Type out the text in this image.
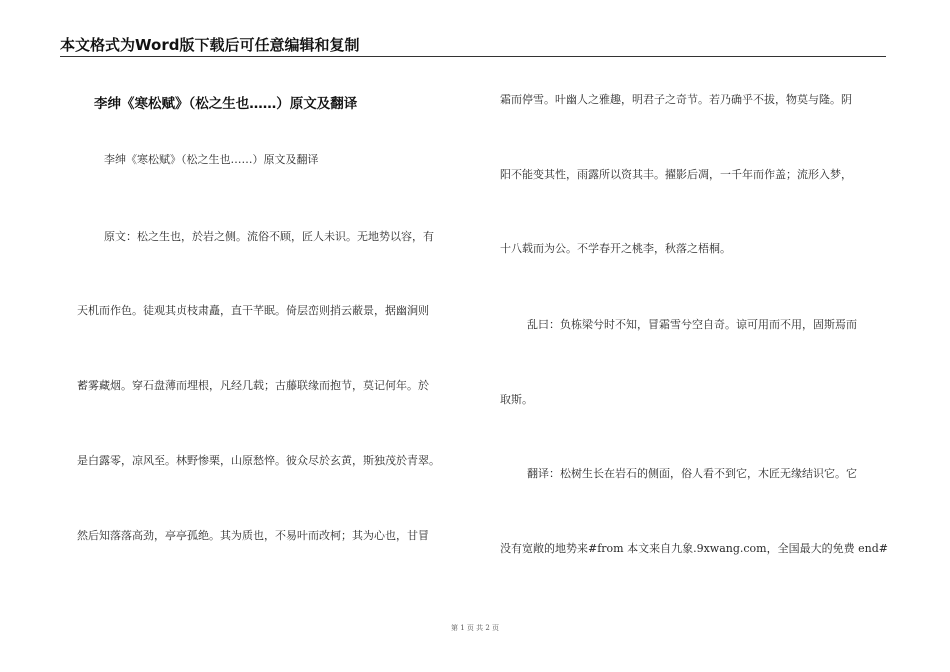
本文格式为Word版下载后可任意编辑和复制
李绅《寒松赋》（松之生也……）原文及翻译
李绅《寒松赋》（松之生也……）原文及翻译
原文：松之生也，於岩之侧。流俗不顾，匠人未识。无地势以容，有
天机而作色。徒观其贞枝肃矗，直干芊眠。倚层峦则捎云蔽景，据幽涧则
蓄雾藏烟。穿石盘薄而埋根，凡经几载；古藤联缘而抱节，莫记何年。於
是白露零，凉风至。林野惨栗，山原愁悴。彼众尽於玄黄，斯独茂於青翠。
然后知落落高劲，亭亭孤绝。其为质也，不易叶而改柯；其为心也，甘冒
霜而停雪。叶幽人之雅趣，明君子之奇节。若乃确乎不拔，物莫与隆。阴
阳不能变其性，雨露所以资其丰。擢影后凋，一千年而作盖；流形入梦，
十八载而为公。不学春开之桃李，秋落之梧桐。
乱曰：负栋梁兮时不知，冒霜雪兮空自奇。谅可用而不用，固斯焉而
取斯。
翻译：松树生长在岩石的侧面，俗人看不到它，木匠无缘结识它。它
没有宽敞的地势来#from 本文来自九象.9xwang.com，全国最大的免费 end#
第 1 页 共 2 页
